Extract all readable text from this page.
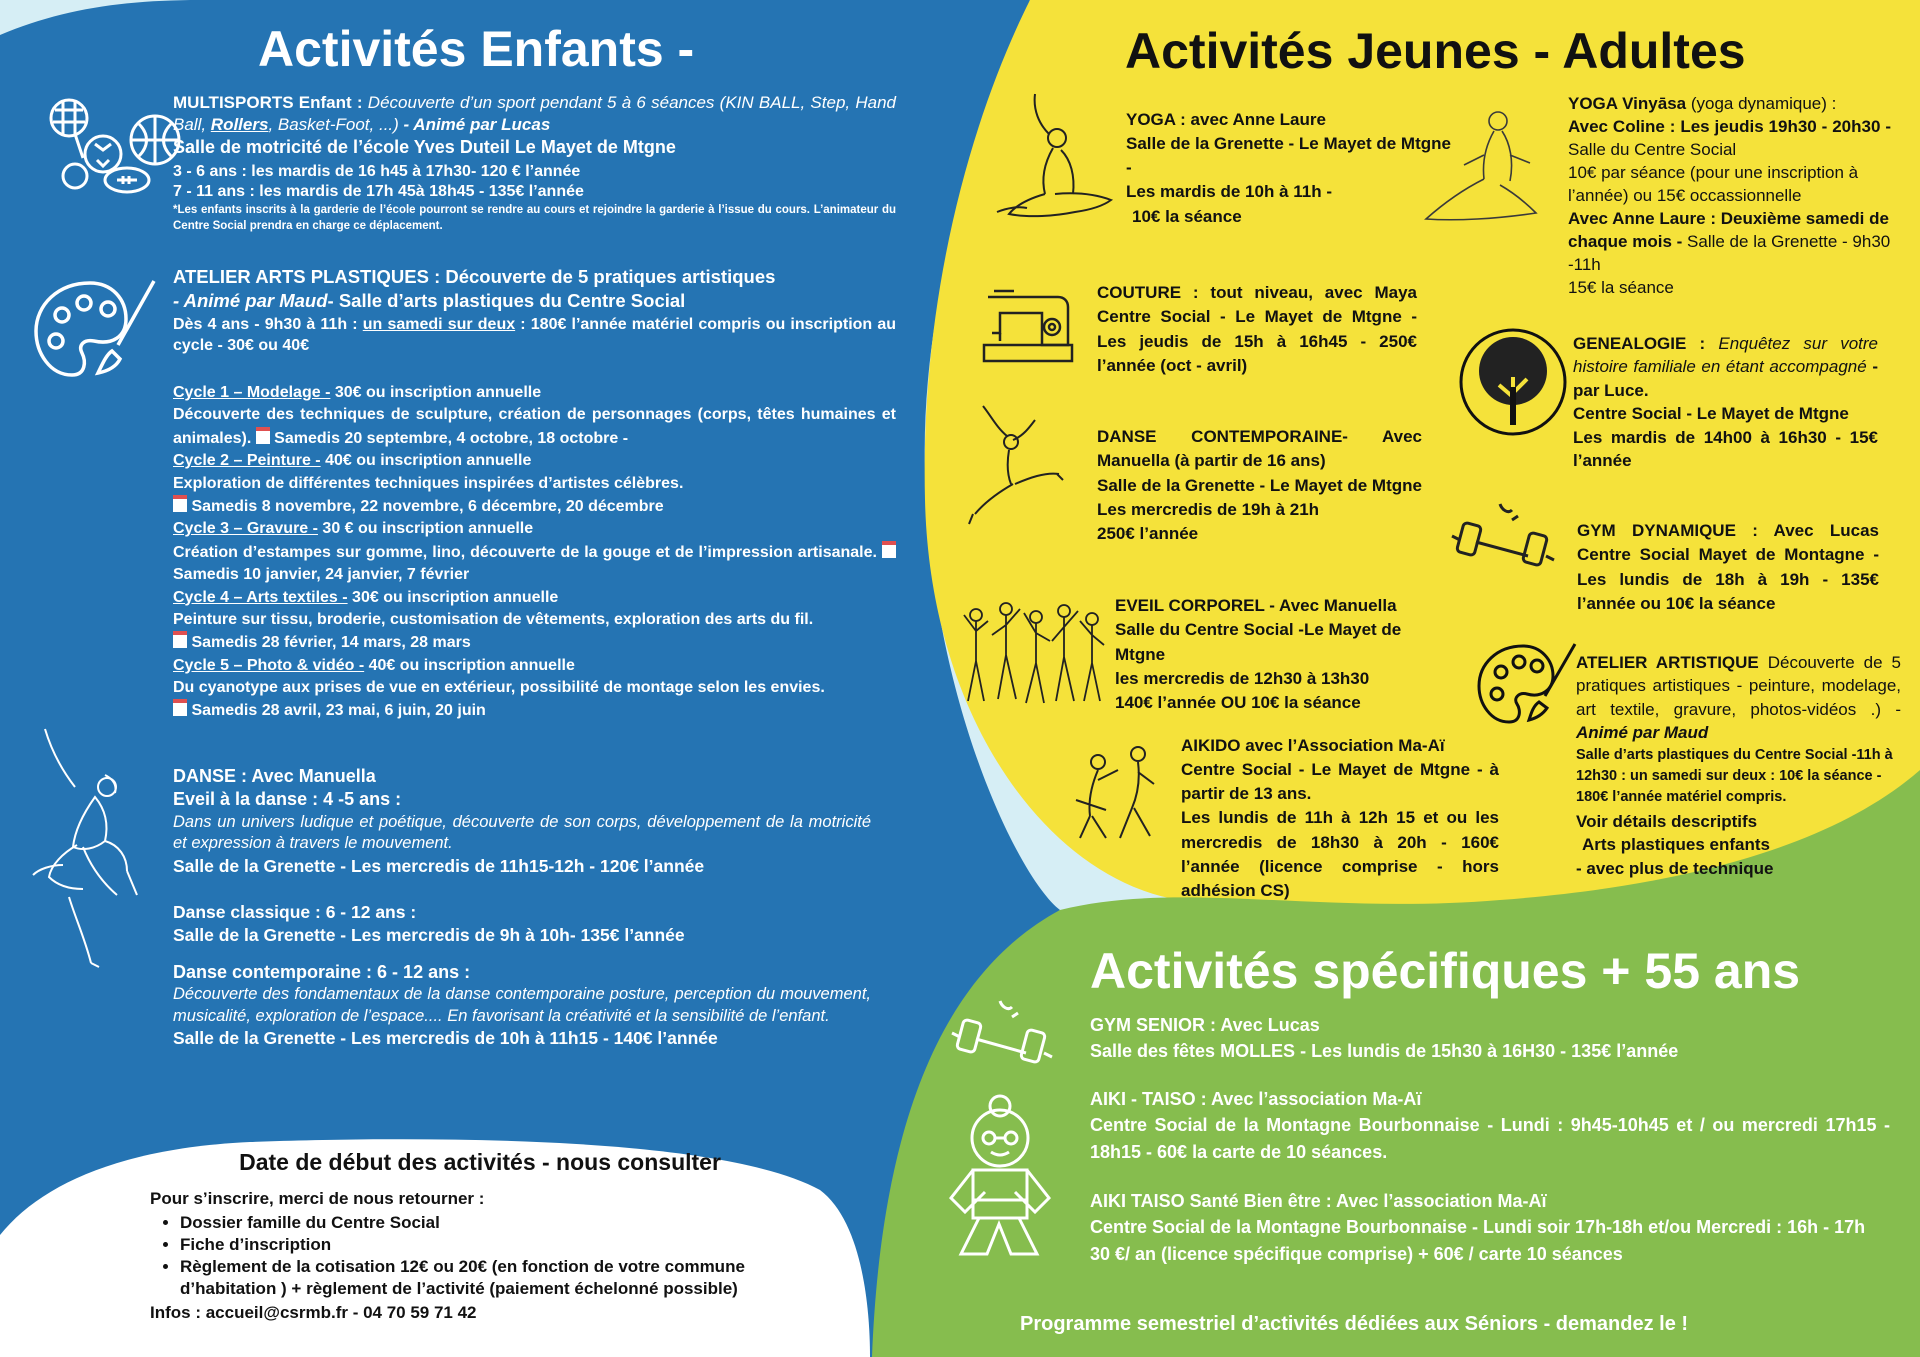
Activités Enfants -

MULTISPORTS Enfant : Découverte d’un sport pendant 5 à 6 séances (KIN BALL, Step, Hand Ball, Rollers, Basket-Foot, ...) - Animé par Lucas

Salle de motricité de l’école Yves Duteil Le Mayet de Mtgne

3 - 6 ans : les mardis de 16 h45 à 17h30- 120 € l’année

7 - 11 ans : les mardis de 17h 45à 18h45 - 135€ l’année

*Les enfants inscrits à la garderie de l’école pourront se rendre au cours et rejoindre la garderie à l’issue du cours. L’animateur du Centre Social prendra en charge ce déplacement.

ATELIER ARTS PLASTIQUES : Découverte de 5 pratiques artistiques

- Animé par Maud- Salle d’arts plastiques du Centre Social

Dès 4 ans - 9h30 à 11h : un samedi sur deux : 180€ l’année matériel compris ou inscription au cycle - 30€ ou 40€

Cycle 1 – Modelage - 30€ ou inscription annuelle

Découverte des techniques de sculpture, création de personnages (corps, têtes humaines et animales).  Samedis 20 septembre, 4 octobre, 18 octobre -

Cycle 2 – Peinture - 40€ ou inscription annuelle

Exploration de différentes techniques inspirées d’artistes célèbres.

Samedis 8 novembre, 22 novembre, 6 décembre, 20 décembre

Cycle 3 – Gravure - 30 € ou inscription annuelle

Création d’estampes sur gomme, lino, découverte de la gouge et de l’impression artisanale.  Samedis 10 janvier, 24 janvier, 7 février

Cycle 4 – Arts textiles - 30€ ou inscription annuelle

Peinture sur tissu, broderie, customisation de vêtements, exploration des arts du fil.

Samedis 28 février, 14 mars, 28 mars

Cycle 5 – Photo & vidéo - 40€ ou inscription annuelle

Du cyanotype aux prises de vue en extérieur, possibilité de montage selon les envies.

Samedis 28 avril, 23 mai, 6 juin, 20 juin

DANSE : Avec Manuella

Eveil à la danse : 4 -5 ans :

Dans un univers ludique et poétique, découverte de son corps, développement de la motricité et expression à travers le mouvement.

Salle de la Grenette - Les mercredis de 11h15-12h - 120€ l’année

Danse classique : 6 - 12 ans :

Salle de la Grenette - Les mercredis de 9h à 10h- 135€ l’année

Danse contemporaine : 6 - 12 ans :

Découverte des fondamentaux de la danse contemporaine posture, perception du mouvement, musicalité, exploration de l’espace.... En favorisant la créativité et la sensibilité de l’enfant.

Salle de la Grenette - Les mercredis de 10h à 11h15 - 140€ l’année

Date de début des activités - nous consulter

Pour s’inscrire, merci de nous retourner :

• Dossier famille du Centre Social
• Fiche d’inscription
• Règlement de la cotisation 12€ ou 20€ (en fonction de votre commune d’habitation ) + règlement de l’activité (paiement échelonné possible)

Infos : accueil@csrmb.fr - 04 70 59 71 42

Activités Jeunes - Adultes

YOGA : avec Anne Laure

Salle de la Grenette - Le Mayet de Mtgne -

Les mardis de 10h à 11h -

10€ la séance

COUTURE : tout niveau, avec Maya Centre Social - Le Mayet de Mtgne - Les jeudis de 15h à 16h45 - 250€ l’année (oct - avril)

DANSE CONTEMPORAINE- Avec Manuella (à partir de 16 ans)

Salle de la Grenette - Le Mayet de Mtgne

Les mercredis de 19h à 21h

250€ l’année

EVEIL CORPOREL - Avec Manuella

Salle du Centre Social -Le Mayet de Mtgne

les mercredis de 12h30 à 13h30

140€ l’année OU 10€ la séance

AIKIDO avec l’Association Ma-Aï

Centre Social - Le Mayet de Mtgne - à partir de 13 ans.

Les lundis de 11h à 12h 15 et ou les mercredis de 18h30 à 20h - 160€ l’année (licence comprise - hors adhésion CS)

YOGA Vinyāsa (yoga dynamique) :

Avec Coline : Les jeudis 19h30 - 20h30 - Salle du Centre Social

10€ par séance (pour une inscription à l’année) ou 15€ occassionnelle

Avec Anne Laure : Deuxième samedi de chaque mois - Salle de la Grenette - 9h30 -11h

15€ la séance

GENEALOGIE : Enquêtez sur votre histoire familiale en étant accompagné - par Luce.

Centre Social - Le Mayet de Mtgne

Les mardis de 14h00 à 16h30 - 15€ l’année

GYM DYNAMIQUE : Avec Lucas Centre Social Mayet de Montagne - Les lundis de 18h à 19h - 135€ l’année ou 10€ la séance

ATELIER ARTISTIQUE Découverte de 5 pratiques artistiques - peinture, modelage, art textile, gravure, photos-vidéos .) - Animé par Maud

Salle d’arts plastiques du Centre Social -11h à 12h30 : un samedi sur deux : 10€ la séance - 180€ l’année matériel compris.

Voir détails descriptifs

Arts plastiques enfants

- avec plus de technique

Activités spécifiques + 55 ans

GYM SENIOR : Avec Lucas

Salle des fêtes MOLLES - Les lundis de 15h30 à 16H30 - 135€ l’année

AIKI - TAISO : Avec l’association Ma-Aï

Centre Social de la Montagne Bourbonnaise - Lundi : 9h45-10h45 et / ou mercredi 17h15 - 18h15 - 60€ la carte de 10 séances.

AIKI TAISO Santé Bien être : Avec l’association Ma-Aï

Centre Social de la Montagne Bourbonnaise - Lundi soir 17h-18h et/ou Mercredi : 16h - 17h

30 €/ an (licence spécifique comprise) + 60€ / carte 10 séances

Programme semestriel d’activités dédiées aux Séniors - demandez le !
